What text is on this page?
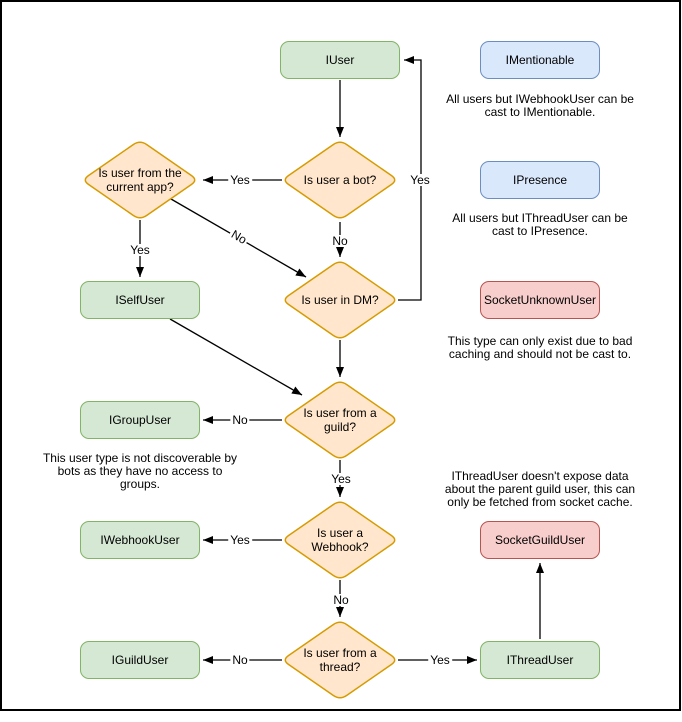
IUser	IMentionable
IPresence
SocketUnknownUser
ISelfUser
IGroupUser
IWebhookUser
IGuildUser
SocketGuildUser
IThreadUser
Is user from the
current app?	Is user a bot?
Is user in DM?
Is user from a
guild?
Is user a
Webhook?
Is user from a
thread?
Yes	Yes
No
Yes
No
No
Yes
Yes
No
No	Yes
All users but IWebhookUser can be
cast to IMentionable.
All users but IThreadUser can be
cast to IPresence.
This type can only exist due to bad
caching and should not be cast to.
This user type is not discoverable by
bots as they have no access to
groups.
IThreadUser doesn't expose data
about the parent guild user, this can
only be fetched from socket cache.
